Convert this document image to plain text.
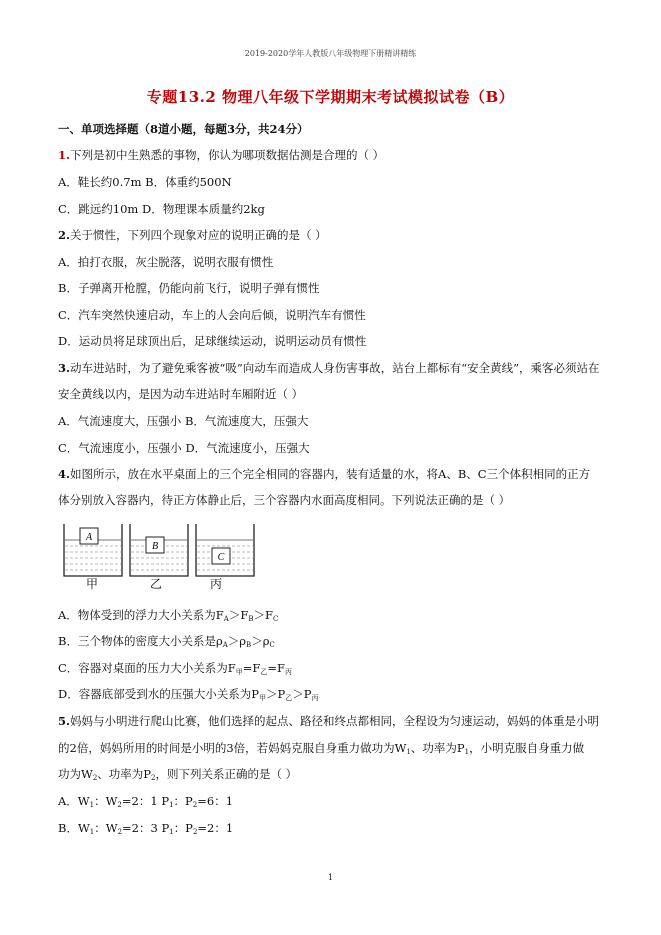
2019-2020学年人教版八年级物理下册精讲精练
专题13.2 物理八年级下学期期末考试模拟试卷（B）
一、单项选择题（8道小题，每题3分，共24分）
1.下列是初中生熟悉的事物，你认为哪项数据估测是合理的（ ）
A．鞋长约0.7m B．体重约500N
C．跳远约10m D．物理课本质量约2kg
2.关于惯性，下列四个现象对应的说明正确的是（ ）
A．拍打衣服，灰尘脱落，说明衣服有惯性
B．子弹离开枪膛，仍能向前飞行，说明子弹有惯性
C．汽车突然快速启动，车上的人会向后倾，说明汽车有惯性
D．运动员将足球顶出后，足球继续运动，说明运动员有惯性
3.动车进站时，为了避免乘客被“吸”向动车而造成人身伤害事故，站台上都标有“安全黄线”，乘客必须站在
安全黄线以内，是因为动车进站时车厢附近（ ）
A．气流速度大，压强小 B．气流速度大，压强大
C．气流速度小，压强小 D．气流速度小，压强大
4.如图所示，放在水平桌面上的三个完全相同的容器内，装有适量的水，将A、B、C三个体积相同的正方
体分别放入容器内，待正方体静止后，三个容器内水面高度相同。下列说法正确的是（ ）
A
B
C
甲	乙	丙
A．物体受到的浮力大小关系为$F_A>F_B>F_C$
B．三个物体的密度大小关系是$\rho_A>\rho_B>\rho_C$
C．容器对桌面的压力大小关系为$F_甲=F_乙=F_丙$
D．容器底部受到水的压强大小关系为$P_甲>P_乙>P_丙$
5.妈妈与小明进行爬山比赛，他们选择的起点、路径和终点都相同，全程设为匀速运动，妈妈的体重是小明
的2倍，妈妈所用的时间是小明的3倍，若妈妈克服自身重力做功为$W_1$、功率为$P_1$，小明克服自身重力做
功为$W_2$、功率为$P_2$，则下列关系正确的是（ ）
A．$W_1$：$W_2=2$：1 $P_1$：$P_2=6$：1
B．$W_1$：$W_2=2$：3 $P_1$：$P_2=2$：1
1
